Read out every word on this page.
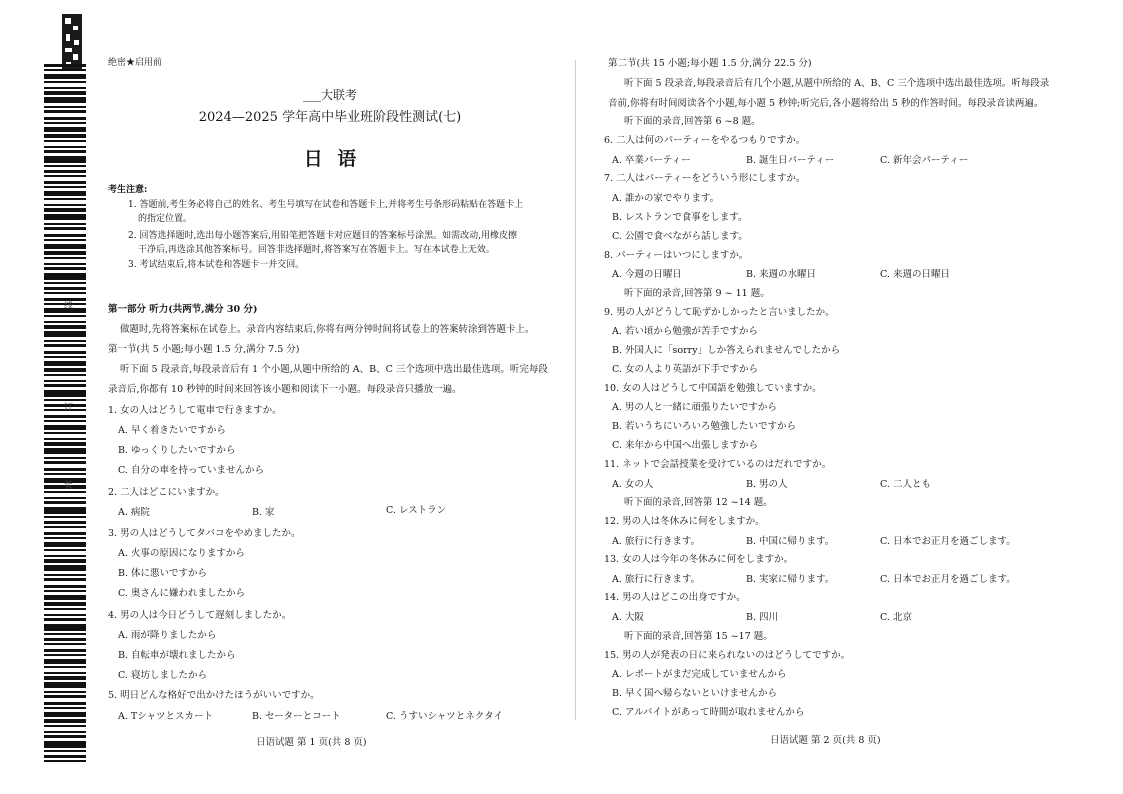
线
订
装
绝密★启用前
___大联考
2024—2025 学年高中毕业班阶段性测试(七)
日 语
考生注意:
1. 答题前,考生务必将自己的姓名、考生号填写在试卷和答题卡上,并将考生号条形码粘贴在答题卡上
的指定位置。
2. 回答选择题时,选出每小题答案后,用铅笔把答题卡对应题目的答案标号涂黑。如需改动,用橡皮擦
干净后,再选涂其他答案标号。回答非选择题时,将答案写在答题卡上。写在本试卷上无效。
3. 考试结束后,将本试卷和答题卡一并交回。
第一部分 听力(共两节,满分 30 分)
做题时,先将答案标在试卷上。录音内容结束后,你将有两分钟时间将试卷上的答案转涂到答题卡上。
第一节(共 5 小题;每小题 1.5 分,满分 7.5 分)
听下面 5 段录音,每段录音后有 1 个小题,从题中所给的 A、B、C 三个选项中选出最佳选项。听完每段
录音后,你都有 10 秒钟的时间来回答该小题和阅读下一小题。每段录音只播放一遍。
1. 女の人はどうして電車で行きますか。
A. 早く着きたいですから
B. ゆっくりしたいですから
C. 自分の車を持っていませんから
2. 二人はどこにいますか。
A. 病院	B. 家	C. レストラン
3. 男の人はどうしてタバコをやめましたか。
A. 火事の原因になりますから
B. 体に悪いですから
C. 奥さんに嫌われましたから
4. 男の人は今日どうして遅刻しましたか。
A. 雨が降りましたから
B. 自転車が壊れましたから
C. 寝坊しましたから
5. 明日どんな格好で出かけたほうがいいですか。
A. Tシャツとスカート	B. セーターとコート	C. うすいシャツとネクタイ
日语试题 第 1 页(共 8 页)
第二节(共 15 小题;每小题 1.5 分,满分 22.5 分)
听下面 5 段录音,每段录音后有几个小题,从题中所给的 A、B、C 三个选项中选出最佳选项。听每段录
音前,你将有时间阅读各个小题,每小题 5 秒钟;听完后,各小题将给出 5 秒的作答时间。每段录音读两遍。
听下面的录音,回答第 6 ~8 题。
6. 二人は何のパーティーをやるつもりですか。
A. 卒業パーティー	B. 誕生日パーティー	C. 新年会パーティー
7. 二人はパーティーをどういう形にしますか。
A. 誰かの家でやります。
B. レストランで食事をします。
C. 公園で食べながら話します。
8. パーティーはいつにしますか。
A. 今週の日曜日	B. 来週の水曜日	C. 来週の日曜日
听下面的录音,回答第 9 ~ 11 题。
9. 男の人がどうして恥ずかしかったと言いましたか。
A. 若い頃から勉強が苦手ですから
B. 外国人に「sorry」しか答えられませんでしたから
C. 女の人より英語が下手ですから
10. 女の人はどうして中国語を勉強していますか。
A. 男の人と一緒に頑張りたいですから
B. 若いうちにいろいろ勉強したいですから
C. 来年から中国へ出張しますから
11. ネットで会話授業を受けているのはだれですか。
A. 女の人	B. 男の人	C. 二人とも
听下面的录音,回答第 12 ~14 题。
12. 男の人は冬休みに何をしますか。
A. 旅行に行きます。	B. 中国に帰ります。	C. 日本でお正月を過ごします。
13. 女の人は今年の冬休みに何をしますか。
A. 旅行に行きます。	B. 実家に帰ります。	C. 日本でお正月を過ごします。
14. 男の人はどこの出身ですか。
A. 大阪	B. 四川	C. 北京
听下面的录音,回答第 15 ~17 题。
15. 男の人が発表の日に来られないのはどうしてですか。
A. レポートがまだ完成していませんから
B. 早く国へ帰らないといけませんから
C. アルバイトがあって時間が取れませんから
日语试题 第 2 页(共 8 页)
